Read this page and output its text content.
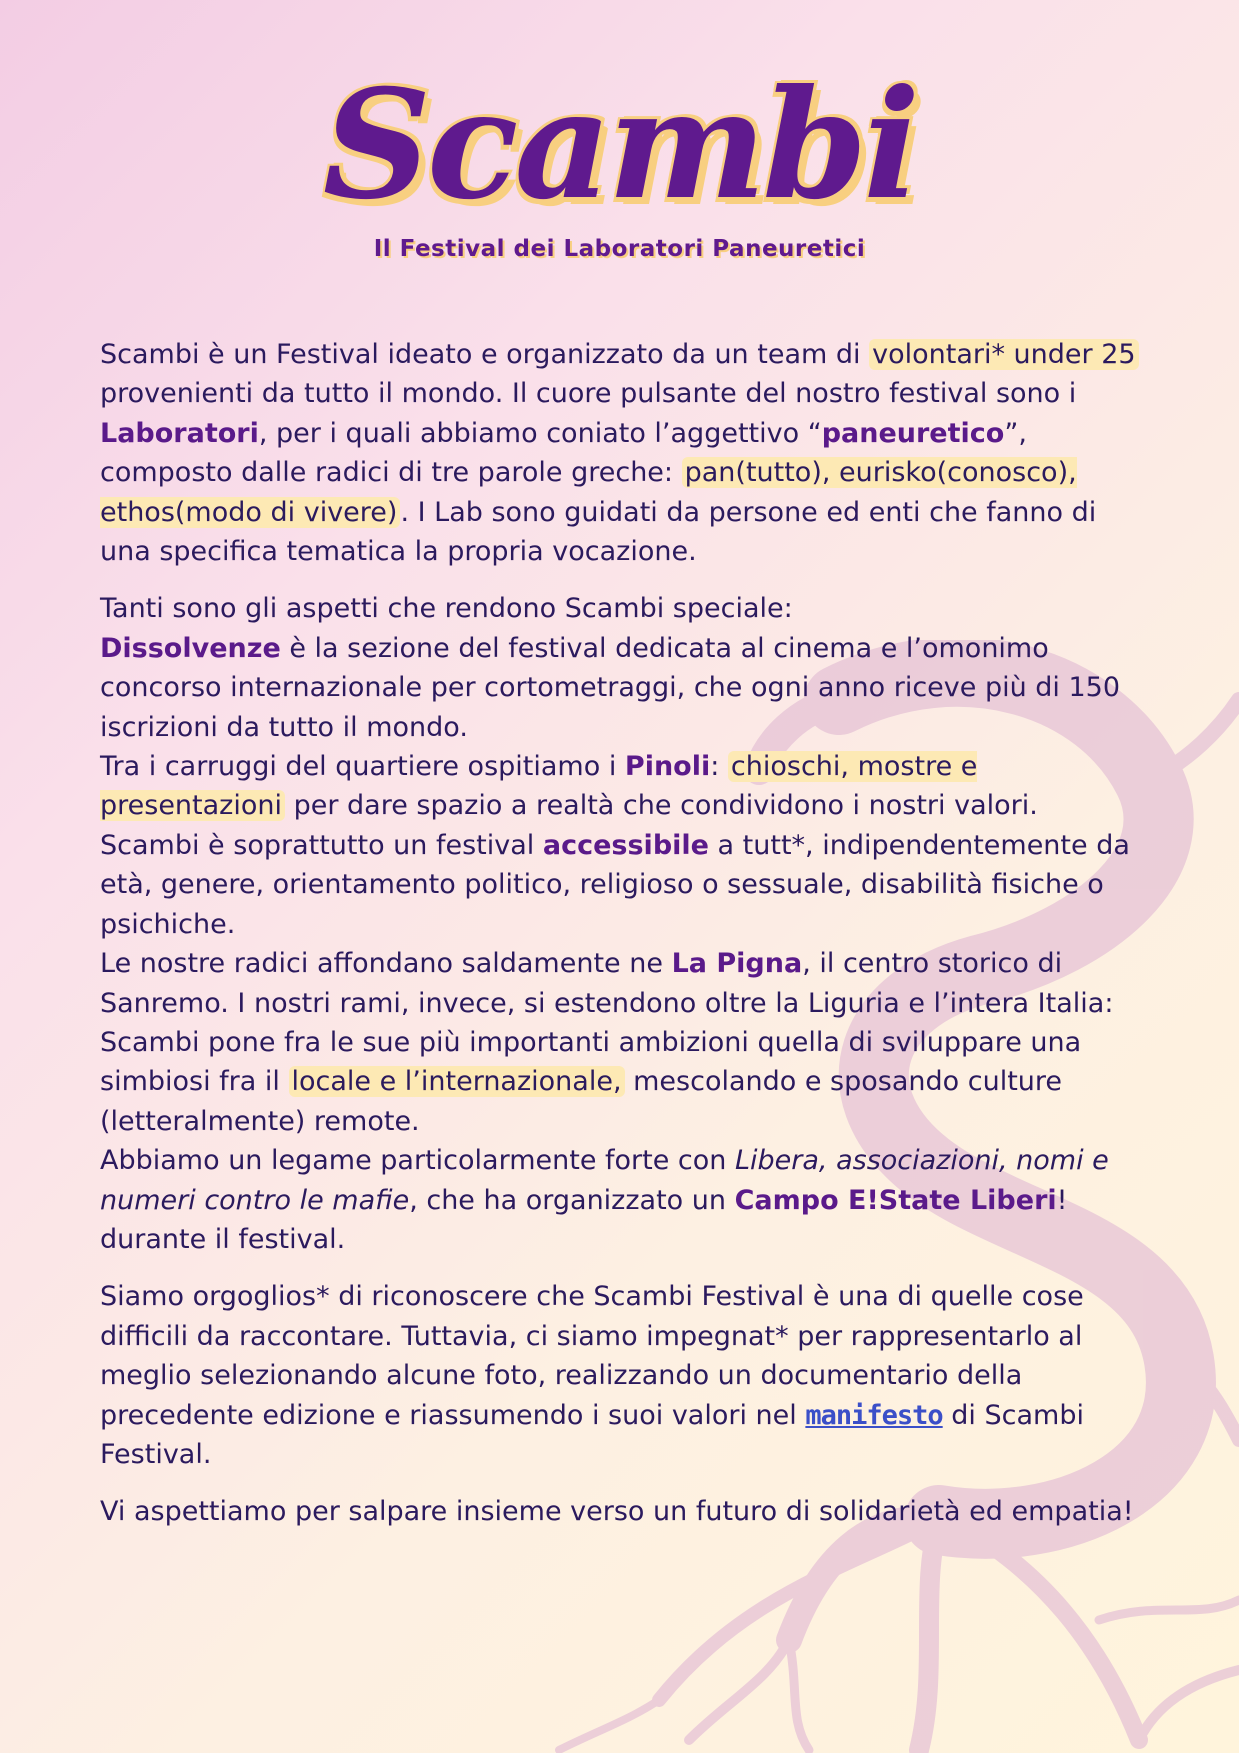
Scambi
Il Festival dei Laboratori Paneuretici

Scambi è un Festival ideato e organizzato da un team di volontari* under 25 provenienti da tutto il mondo. Il cuore pulsante del nostro festival sono i Laboratori, per i quali abbiamo coniato l’aggettivo “paneuretico”, composto dalle radici di tre parole greche: pan(tutto), eurisko(conosco), ethos(modo di vivere) . I Lab sono guidati da persone ed enti che fanno di una specifica tematica la propria vocazione.

Tanti sono gli aspetti che rendono Scambi speciale:

Dissolvenze è la sezione del festival dedicata al cinema e l’omonimo concorso internazionale per cortometraggi, che ogni anno riceve più di 150 iscrizioni da tutto il mondo.

Tra i carruggi del quartiere ospitiamo i Pinoli: chioschi, mostre e presentazioni per dare spazio a realtà che condividono i nostri valori.

Scambi è soprattutto un festival accessibile a tutt*, indipendentemente da età, genere, orientamento politico, religioso o sessuale, disabilità fisiche o psichiche.

Le nostre radici affondano saldamente ne La Pigna, il centro storico di Sanremo. I nostri rami, invece, si estendono oltre la Liguria e l’intera Italia: Scambi pone fra le sue più importanti ambizioni quella di sviluppare una simbiosi fra il locale e l’internazionale, mescolando e sposando culture (letteralmente) remote.

Abbiamo un legame particolarmente forte con Libera, associazioni, nomi e numeri contro le mafie, che ha organizzato un Campo E!State Liberi! durante il festival.

Siamo orgoglios* di riconoscere che Scambi Festival è una di quelle cose difficili da raccontare. Tuttavia, ci siamo impegnat* per rappresentarlo al meglio selezionando alcune foto, realizzando un documentario della precedente edizione e riassumendo i suoi valori nel manifesto di Scambi Festival.

Vi aspettiamo per salpare insieme verso un futuro di solidarietà ed empatia!
